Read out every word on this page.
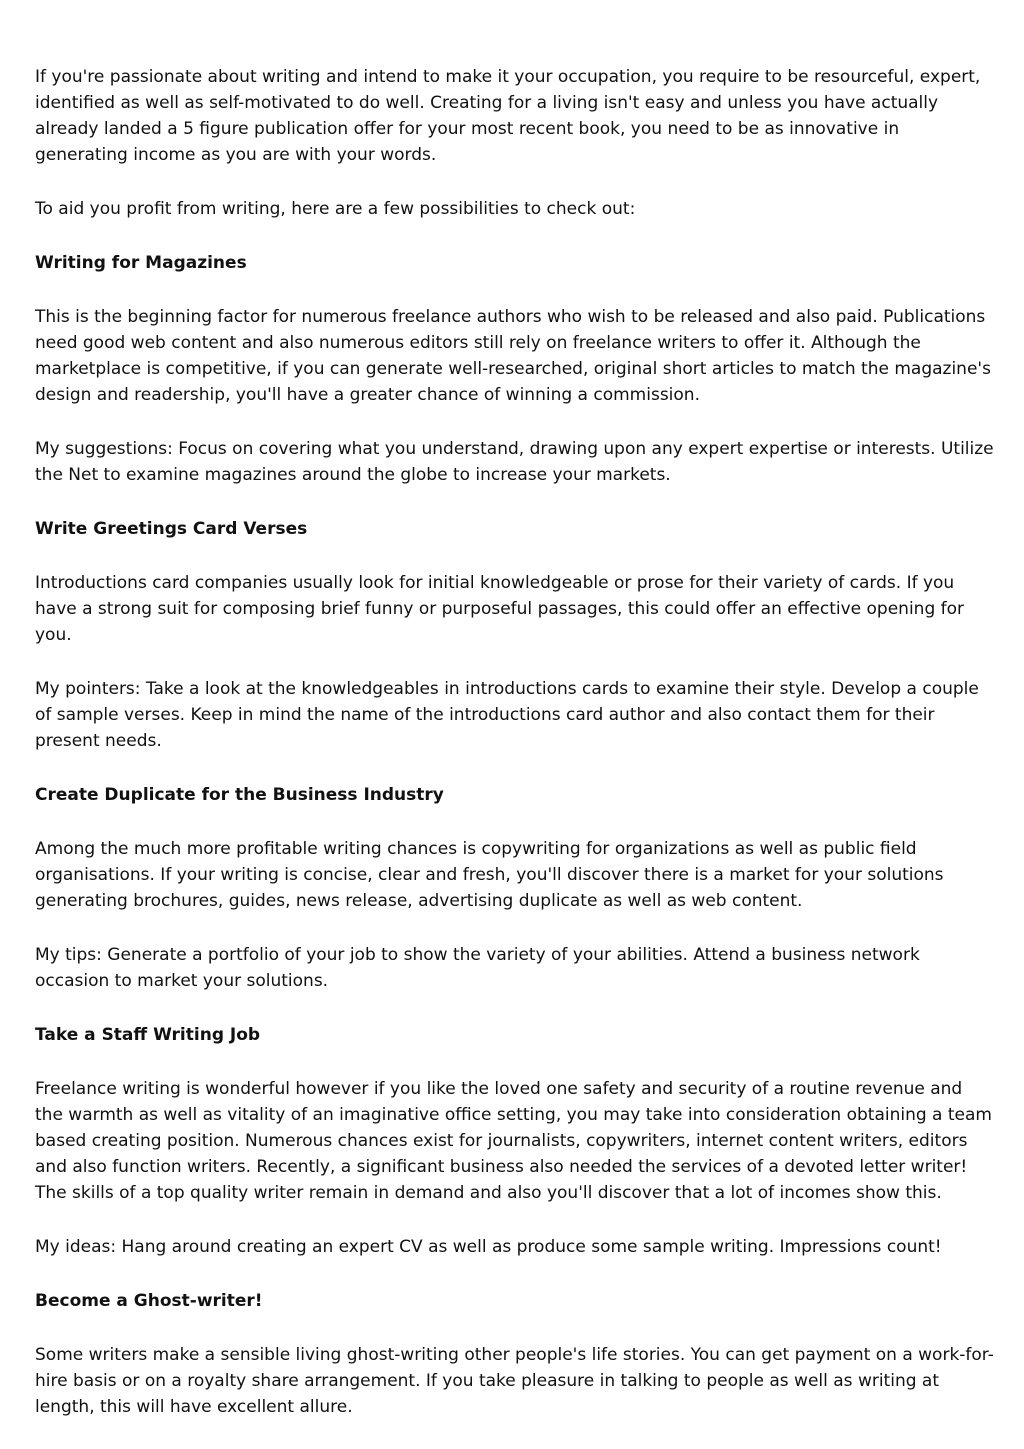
If you're passionate about writing and intend to make it your occupation, you require to be resourceful, expert, identified as well as self-motivated to do well. Creating for a living isn't easy and unless you have actually already landed a 5 figure publication offer for your most recent book, you need to be as innovative in generating income as you are with your words.

To aid you profit from writing, here are a few possibilities to check out:

Writing for Magazines

This is the beginning factor for numerous freelance authors who wish to be released and also paid. Publications need good web content and also numerous editors still rely on freelance writers to offer it. Although the marketplace is competitive, if you can generate well-researched, original short articles to match the magazine's design and readership, you'll have a greater chance of winning a commission.

My suggestions: Focus on covering what you understand, drawing upon any expert expertise or interests. Utilize the Net to examine magazines around the globe to increase your markets.

Write Greetings Card Verses

Introductions card companies usually look for initial knowledgeable or prose for their variety of cards. If you have a strong suit for composing brief funny or purposeful passages, this could offer an effective opening for you.

My pointers: Take a look at the knowledgeables in introductions cards to examine their style. Develop a couple of sample verses. Keep in mind the name of the introductions card author and also contact them for their present needs.

Create Duplicate for the Business Industry

Among the much more profitable writing chances is copywriting for organizations as well as public field organisations. If your writing is concise, clear and fresh, you'll discover there is a market for your solutions generating brochures, guides, news release, advertising duplicate as well as web content.

My tips: Generate a portfolio of your job to show the variety of your abilities. Attend a business network occasion to market your solutions.

Take a Staff Writing Job

Freelance writing is wonderful however if you like the loved one safety and security of a routine revenue and the warmth as well as vitality of an imaginative office setting, you may take into consideration obtaining a team based creating position. Numerous chances exist for journalists, copywriters, internet content writers, editors and also function writers. Recently, a significant business also needed the services of a devoted letter writer! The skills of a top quality writer remain in demand and also you'll discover that a lot of incomes show this.

My ideas: Hang around creating an expert CV as well as produce some sample writing. Impressions count!

Become a Ghost-writer!

Some writers make a sensible living ghost-writing other people's life stories. You can get payment on a work-for-hire basis or on a royalty share arrangement. If you take pleasure in talking to people as well as writing at length, this will have excellent allure.
